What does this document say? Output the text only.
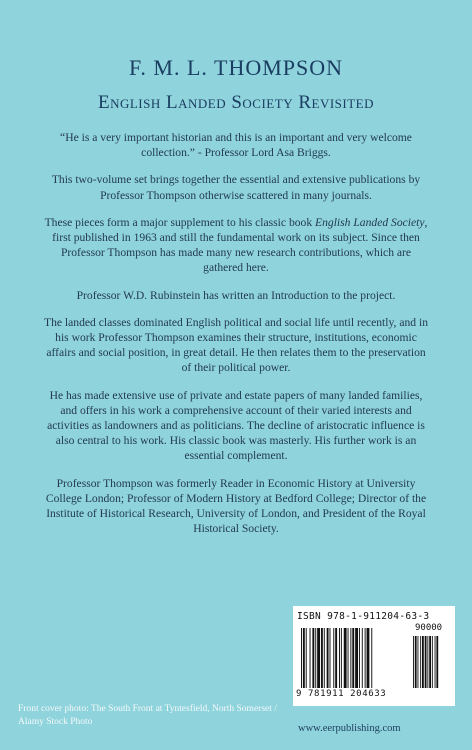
F. M. L. THOMPSON
English Landed Society Revisited

“He is a very important historian and this is an important and very welcome collection.” - Professor Lord Asa Briggs.

This two-volume set brings together the essential and extensive publications by Professor Thompson otherwise scattered in many journals.

These pieces form a major supplement to his classic book English Landed Society, first published in 1963 and still the fundamental work on its subject. Since then Professor Thompson has made many new research contributions, which are gathered here.

Professor W.D. Rubinstein has written an Introduction to the project.

The landed classes dominated English political and social life until recently, and in his work Professor Thompson examines their structure, institutions, economic affairs and social position, in great detail. He then relates them to the preservation of their political power.

He has made extensive use of private and estate papers of many landed families, and offers in his work a comprehensive account of their varied interests and activities as landowners and as politicians. The decline of aristocratic influence is also central to his work. His classic book was masterly. His further work is an essential complement.

Professor Thompson was formerly Reader in Economic History at University College London; Professor of Modern History at Bedford College; Director of the Institute of Historical Research, University of London, and President of the Royal Historical Society.

ISBN 978-1-911204-63-3
90000
9 781911 204633
www.eerpublishing.com
Front cover photo: The South Front at Tyntesfield, North Somerset / Alamy Stock Photo
